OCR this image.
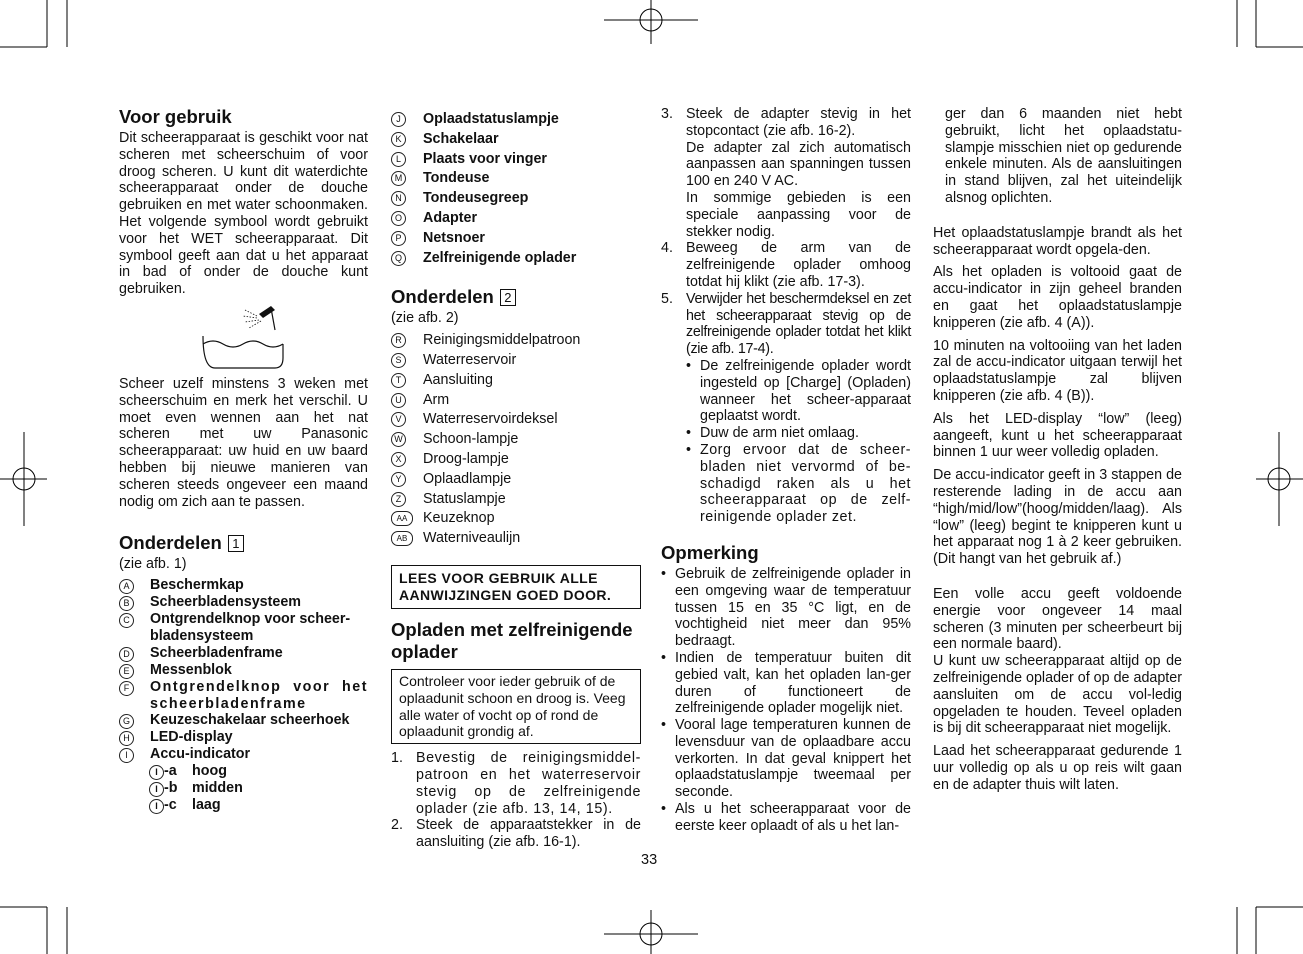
Voor gebruik

Dit scheerapparaat is geschikt voor nat scheren met scheerschuim of voor droog scheren. U kunt dit waterdichte scheerapparaat onder de douche gebruiken en met water schoonmaken. Het volgende symbool wordt gebruikt voor het WET scheerapparaat. Dit symbool geeft aan dat u het apparaat in bad of onder de douche kunt gebruiken.

Scheer uzelf minstens 3 weken met scheerschuim en merk het verschil. U moet even wennen aan het nat scheren met uw Panasonic scheerapparaat: uw huid en uw baard hebben bij nieuwe manieren van scheren steeds ongeveer een maand nodig om zich aan te passen.

Onderdelen 1

(zie afb. 1)

A	Beschermkap
B	Scheerbladensysteem
C Ontgrendelknop voor scheer-bladensysteem
D Scheerbladenframe
E	Messenblok
F	Ontgrendelknop voor het scheerbladenframe
G Keuzeschakelaar scheerhoek
H LED-display
I	Accu-indicator
I -a	hoog
I -b	midden
I -c	laag
J	Oplaadstatuslampje
K	Schakelaar
L	Plaats voor vinger
M Tondeuse
N Tondeusegreep
O Adapter
P	Netsnoer
Q Zelfreinigende oplader
Onderdelen 2

(zie afb. 2)

R Reinigingsmiddelpatroon
S	Waterreservoir
T	Aansluiting
U Arm
V	Waterreservoirdeksel
W Schoon-lampje
X	Droog-lampje
Y	Oplaadlampje
Z	Statuslampje
AA	Keuzeknop
AB	Waterniveaulijn
LEES VOOR GEBRUIK ALLE AANWIJZINGEN GOED DOOR.
Opladen met zelfreinigende oplader
Controleer voor ieder gebruik of de oplaadunit schoon en droog is. Veeg alle water of vocht op of rond de oplaadunit grondig af.
1. Bevestig de reinigingsmiddel-patroon en het waterreservoir stevig op de zelfreinigende oplader (zie afb. 13, 14, 15).
2. Steek de apparaatstekker in de aansluiting (zie afb. 16-1).
3. Steek de adapter stevig in het stopcontact (zie afb. 16-2).
De adapter zal zich automatisch aanpassen aan spanningen tussen 100 en 240 V AC.
In sommige gebieden is een speciale aanpassing voor de stekker nodig.
4. Beweeg de arm van de zelfreinigende oplader omhoog totdat hij klikt (zie afb. 17-3).
5. Verwijder het beschermdeksel en zet het scheerapparaat stevig op de zelfreinigende oplader totdat het klikt (zie afb. 17-4).
• De zelfreinigende oplader wordt ingesteld op [Charge] (Opladen) wanneer het scheer-apparaat geplaatst wordt.
• Duw de arm niet omlaag.
• Zorg ervoor dat de scheer-bladen niet vervormd of be-schadigd raken als u het scheerapparaat op de zelf-reinigende oplader zet.
Opmerking
• Gebruik de zelfreinigende oplader in een omgeving waar de temperatuur tussen 15 en 35 °C ligt, en de vochtigheid niet meer dan 95% bedraagt.
• Indien de temperatuur buiten dit gebied valt, kan het opladen lan-ger duren of functioneert de zelfreinigende oplader mogelijk niet.
• Vooral lage temperaturen kunnen de levensduur van de oplaadbare accu verkorten. In dat geval knippert het oplaadstatuslampje tweemaal per seconde.
• Als u het scheerapparaat voor de eerste keer oplaadt of als u het lan-

ger dan 6 maanden niet hebt gebruikt, licht het oplaadstatu-slampje misschien niet op gedurende enkele minuten. Als de aansluitingen in stand blijven, zal het uiteindelijk alsnog oplichten.

Het oplaadstatuslampje brandt als het scheerapparaat wordt opgela-den.

Als het opladen is voltooid gaat de accu-indicator in zijn geheel branden en gaat het oplaadstatuslampje knipperen (zie afb. 4 (A)).

10 minuten na voltooiing van het laden zal de accu-indicator uitgaan terwijl het oplaadstatuslampje zal blijven knipperen (zie afb. 4 (B)).

Als het LED-display “low” (leeg) aangeeft, kunt u het scheerapparaat binnen 1 uur weer volledig opladen.

De accu-indicator geeft in 3 stappen de resterende lading in de accu aan “high/mid/low”(hoog/midden/laag). Als “low” (leeg) begint te knipperen kunt u het apparaat nog 1 à 2 keer gebruiken. (Dit hangt van het gebruik af.)

Een volle accu geeft voldoende energie voor ongeveer 14 maal scheren (3 minuten per scheerbeurt bij een normale baard).
U kunt uw scheerapparaat altijd op de zelfreinigende oplader of op de adapter aansluiten om de accu vol-ledig opgeladen te houden. Teveel opladen is bij dit scheerapparaat niet mogelijk.

Laad het scheerapparaat gedurende 1 uur volledig op als u op reis wilt gaan en de adapter thuis wilt laten.

33
